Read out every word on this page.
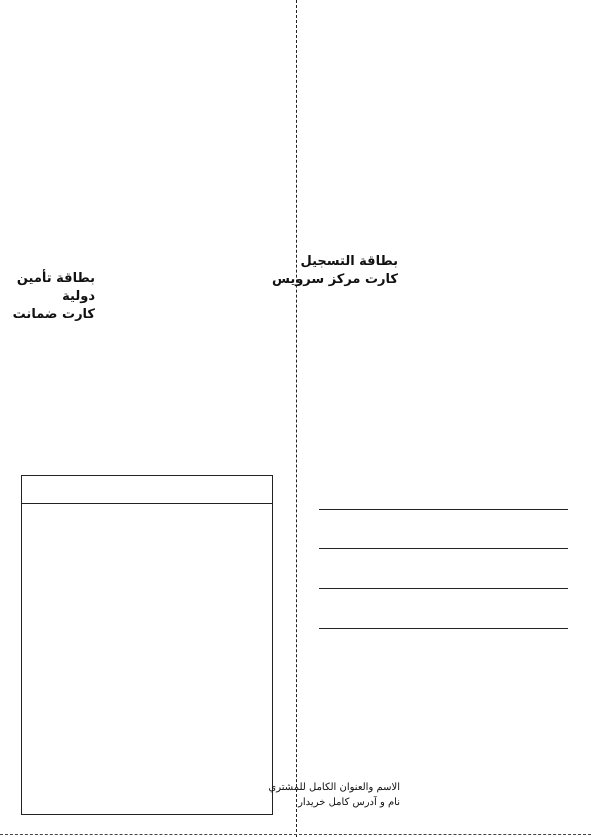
بطاقة تأمين دولية
کارت ضمانت
بطاقة التسجيل
کارت مرکز سرویس
الاسم والعنوان الكامل للمشتري
نام و آدرس کامل خریدار
